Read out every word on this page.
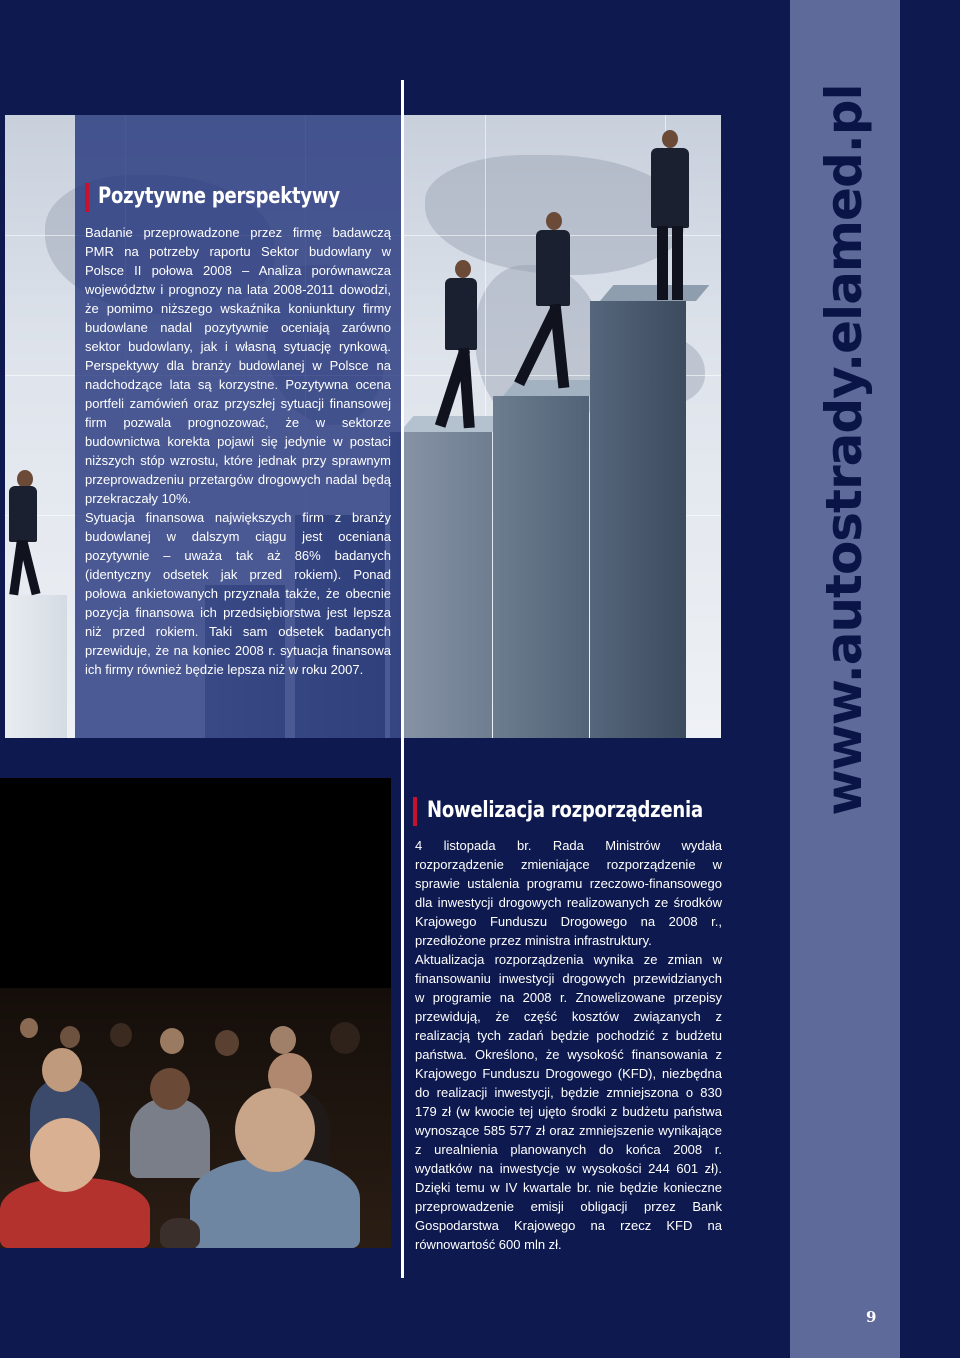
www.autostrady.elamed.pl
Pozytywne perspektywy

Badanie przeprowadzone przez firmę badawczą PMR na potrzeby raportu Sektor budowlany w Polsce II połowa 2008 – Analiza porównawcza województw i prognozy na lata 2008-2011 dowodzi, że pomimo niższego wskaźnika koniunktury firmy budowlane nadal pozytywnie oceniają zarówno sektor budowlany, jak i własną sytuację rynkową. Perspektywy dla branży budowlanej w Polsce na nadchodzące lata są korzystne. Pozytywna ocena portfeli zamówień oraz przyszłej sytuacji finansowej firm pozwala prognozować, że w sektorze budownictwa korekta pojawi się jedynie w postaci niższych stóp wzrostu, które jednak przy sprawnym przeprowadzeniu przetargów drogowych nadal będą przekraczały 10%.

Sytuacja finansowa największych firm z branży budowlanej w dalszym ciągu jest oceniana pozytywnie – uważa tak aż 86% badanych (identyczny odsetek jak przed rokiem). Ponad połowa ankietowanych przyznała także, że obecnie pozycja finansowa ich przedsiębiorstwa jest lepsza niż przed rokiem. Taki sam odsetek badanych przewiduje, że na koniec 2008 r. sytuacja finansowa ich firmy również będzie lepsza niż w roku 2007.

Nowelizacja rozporządzenia

4 listopada br. Rada Ministrów wydała rozporządzenie zmieniające rozporządzenie w sprawie ustalenia programu rzeczowo-finansowego dla inwestycji drogowych realizowanych ze środków Krajowego Funduszu Drogowego na 2008 r., przedłożone przez ministra infrastruktury.

Aktualizacja rozporządzenia wynika ze zmian w finansowaniu inwestycji drogowych przewidzianych w programie na 2008 r. Znowelizowane przepisy przewidują, że część kosztów związanych z realizacją tych zadań będzie pochodzić z budżetu państwa. Określono, że wysokość finansowania z Krajowego Funduszu Drogowego (KFD), niezbędna do realizacji inwestycji, będzie zmniejszona o 830 179 zł (w kwocie tej ujęto środki z budżetu państwa wynoszące 585 577 zł oraz zmniejszenie wynikające z urealnienia planowanych do końca 2008 r. wydatków na inwestycje w wysokości 244 601 zł). Dzięki temu w IV kwartale br. nie będzie konieczne przeprowadzenie emisji obligacji przez Bank Gospodarstwa Krajowego na rzecz KFD na równowartość 600 mln zł.

9
